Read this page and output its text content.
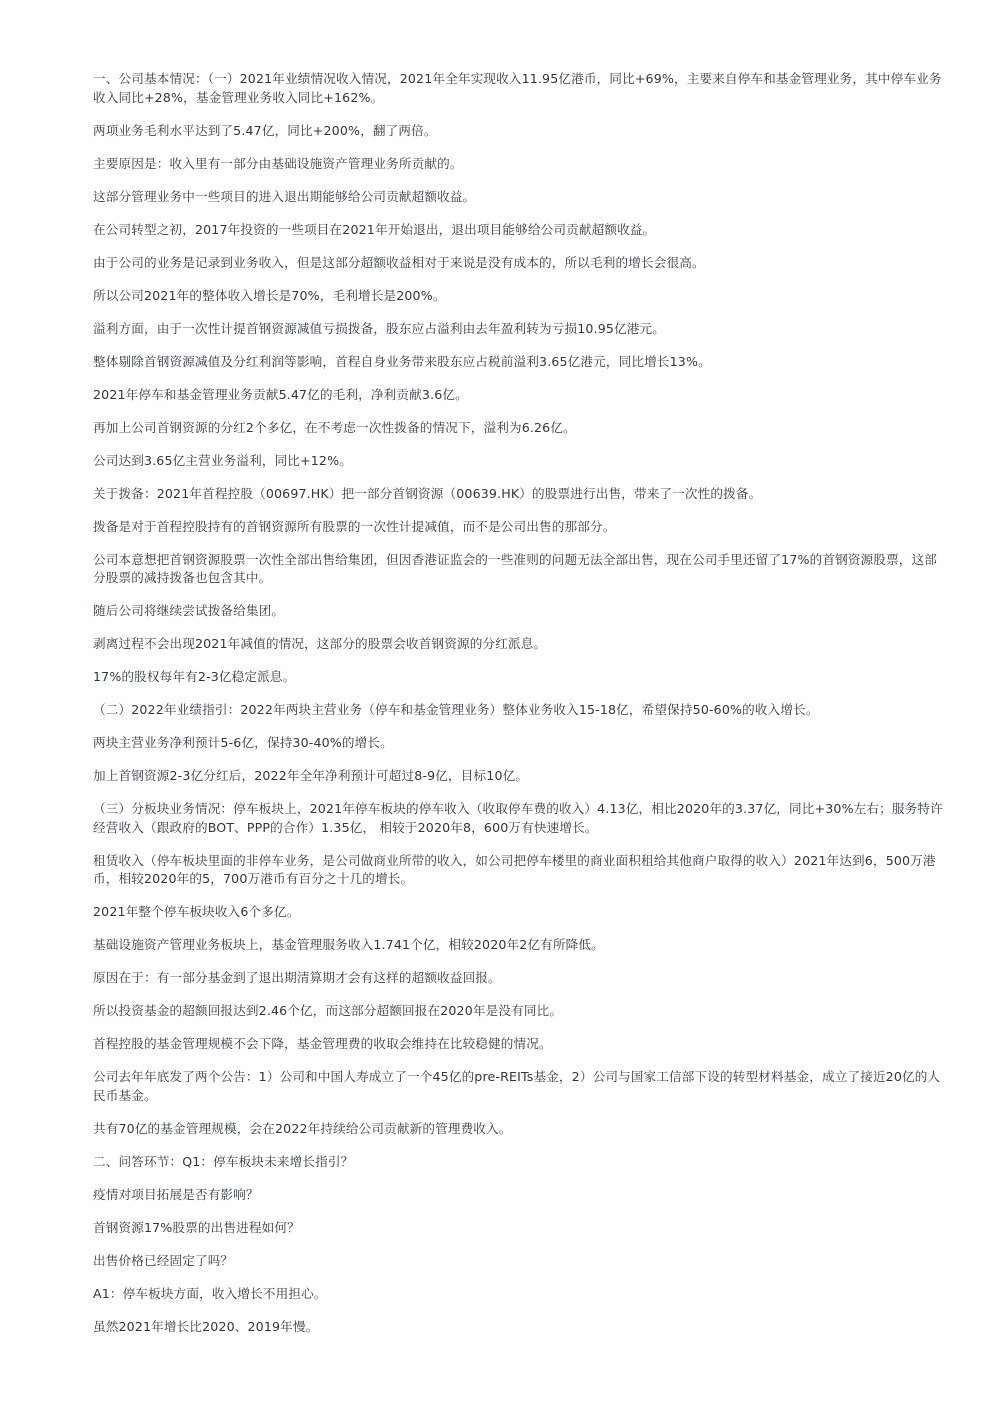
一、公司基本情况：（一）2021年业绩情况收入情况，2021年全年实现收入11.95亿港币，同比+69%，主要来自停车和基金管理业务，其中停车业务收入同比+28%，基金管理业务收入同比+162%。

两项业务毛利水平达到了5.47亿，同比+200%，翻了两倍。

主要原因是：收入里有一部分由基础设施资产管理业务所贡献的。

这部分管理业务中一些项目的进入退出期能够给公司贡献超额收益。

在公司转型之初，2017年投资的一些项目在2021年开始退出，退出项目能够给公司贡献超额收益。

由于公司的业务是记录到业务收入，但是这部分超额收益相对于来说是没有成本的，所以毛利的增长会很高。

所以公司2021年的整体收入增长是70%，毛利增长是200%。

溢利方面，由于一次性计提首钢资源减值亏损拨备，股东应占溢利由去年盈利转为亏损10.95亿港元。

整体剔除首钢资源减值及分红利润等影响，首程自身业务带来股东应占税前溢利3.65亿港元，同比增长13%。

2021年停车和基金管理业务贡献5.47亿的毛利，净利贡献3.6亿。

再加上公司首钢资源的分红2个多亿，在不考虑一次性拨备的情况下，溢利为6.26亿。

公司达到3.65亿主营业务溢利，同比+12%。

关于拨备：2021年首程控股（00697.HK）把一部分首钢资源（00639.HK）的股票进行出售，带来了一次性的拨备。

拨备是对于首程控股持有的首钢资源所有股票的一次性计提减值，而不是公司出售的那部分。

公司本意想把首钢资源股票一次性全部出售给集团，但因香港证监会的一些准则的问题无法全部出售，现在公司手里还留了17%的首钢资源股票，这部分股票的减持拨备也包含其中。

随后公司将继续尝试拨备给集团。

剥离过程不会出现2021年减值的情况，这部分的股票会收首钢资源的分红派息。

17%的股权每年有2-3亿稳定派息。

（二）2022年业绩指引：2022年两块主营业务（停车和基金管理业务）整体业务收入15-18亿，希望保持50-60%的收入增长。

两块主营业务净利预计5-6亿，保持30-40%的增长。

加上首钢资源2-3亿分红后，2022年全年净利预计可超过8-9亿，目标10亿。

（三）分板块业务情况：停车板块上，2021年停车板块的停车收入（收取停车费的收入）4.13亿，相比2020年的3.37亿，同比+30%左右；服务特许经营收入（跟政府的BOT、PPP的合作）1.35亿， 相较于2020年8，600万有快速增长。

租赁收入（停车板块里面的非停车业务，是公司做商业所带的收入，如公司把停车楼里的商业面积租给其他商户取得的收入）2021年达到6，500万港币，相较2020年的5，700万港币有百分之十几的增长。

2021年整个停车板块收入6个多亿。

基础设施资产管理业务板块上，基金管理服务收入1.741个亿，相较2020年2亿有所降低。

原因在于：有一部分基金到了退出期清算期才会有这样的超额收益回报。

所以投资基金的超额回报达到2.46个亿，而这部分超额回报在2020年是没有同比。

首程控股的基金管理规模不会下降，基金管理费的收取会维持在比较稳健的情况。

公司去年年底发了两个公告：1）公司和中国人寿成立了一个45亿的pre-REITs基金，2）公司与国家工信部下设的转型材料基金，成立了接近20亿的人民币基金。

共有70亿的基金管理规模，会在2022年持续给公司贡献新的管理费收入。

二、问答环节：Q1：停车板块未来增长指引？

疫情对项目拓展是否有影响？

首钢资源17%股票的出售进程如何？

出售价格已经固定了吗？

A1：停车板块方面，收入增长不用担心。

虽然2021年增长比2020、2019年慢。
